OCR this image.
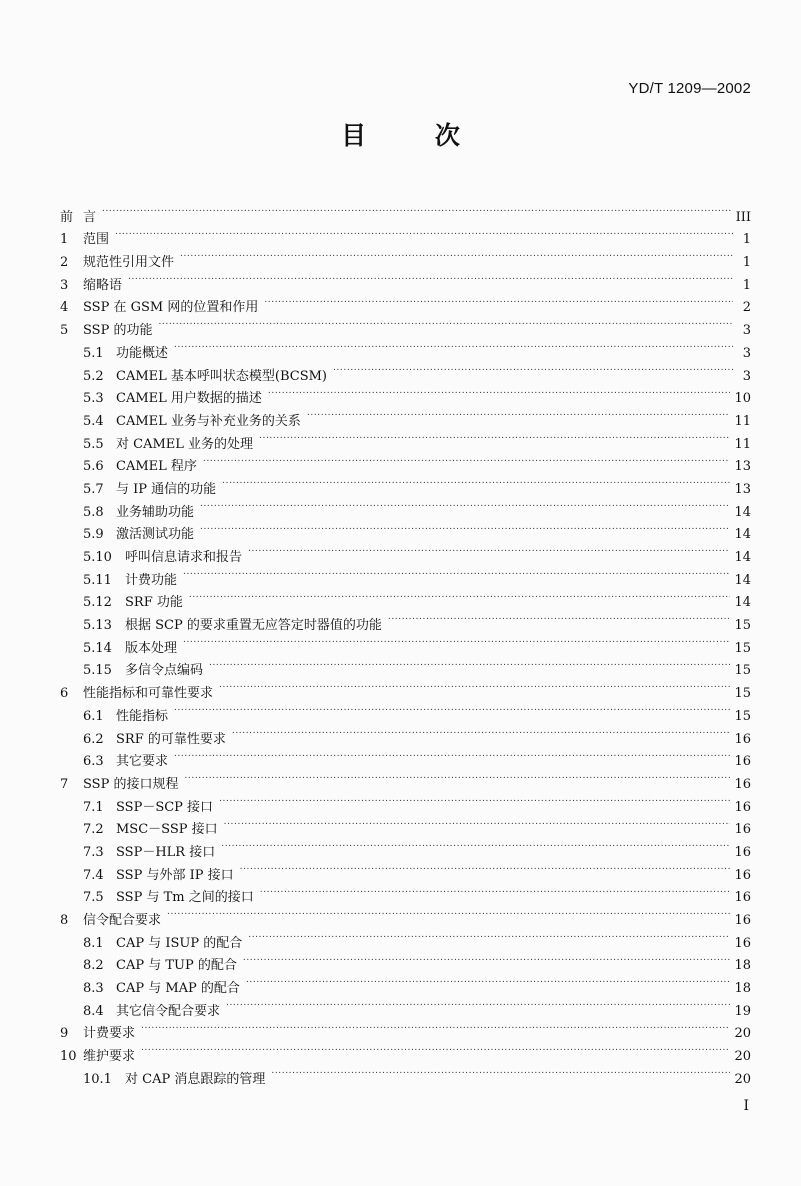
YD/T 1209—2002
目 次
前 言 .....	III
1	范围 .....	1
2	规范性引用文件 .....	1
3	缩略语 .....	1
4	SSP 在 GSM 网的位置和作用 .....	2
5	SSP 的功能 .....	3
5.1 功能概述 .....	3
5.2 CAMEL 基本呼叫状态模型(BCSM) .....	3
5.3 CAMEL 用户数据的描述 .....	10
5.4 CAMEL 业务与补充业务的关系 .....	11
5.5 对 CAMEL 业务的处理 .....	11
5.6 CAMEL 程序 .....	13
5.7 与 IP 通信的功能 .....	13
5.8 业务辅助功能 .....	14
5.9 激活测试功能 .....	14
5.10	呼叫信息请求和报告 .....	14
5.11	计费功能 .....	14
5.12	SRF 功能 .....	14
5.13	根据 SCP 的要求重置无应答定时器值的功能 .....	15
5.14	版本处理 .....	15
5.15	多信令点编码 .....	15
6	性能指标和可靠性要求 .....	15
6.1 性能指标 .....	15
6.2 SRF 的可靠性要求 .....	16
6.3 其它要求 .....	16
7	SSP 的接口规程 .....	16
7.1 SSP－SCP 接口 .....	16
7.2 MSC－SSP 接口 .....	16
7.3 SSP－HLR 接口 .....	16
7.4 SSP 与外部 IP 接口 .....	16
7.5 SSP 与 Tm 之间的接口 .....	16
8	信令配合要求 .....	16
8.1 CAP 与 ISUP 的配合 .....	16
8.2 CAP 与 TUP 的配合 .....	18
8.3 CAP 与 MAP 的配合 .....	18
8.4 其它信令配合要求 .....	19
9	计费要求 .....	20
10 维护要求 .....	20
10.1	对 CAP 消息跟踪的管理 .....	20
I
